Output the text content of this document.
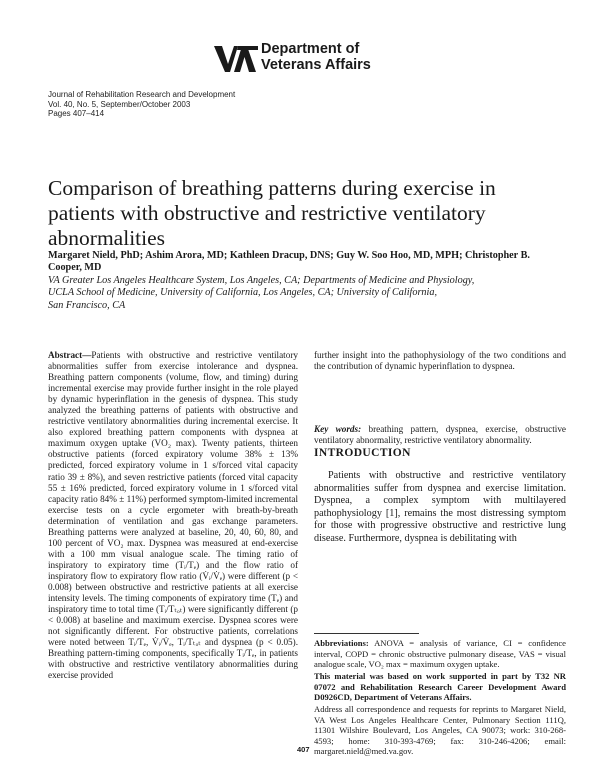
Department of
Veterans Affairs
Journal of Rehabilitation Research and Development
Vol. 40, No. 5, September/October 2003
Pages 407–414
Comparison of breathing patterns during exercise in patients with obstructive and restrictive ventilatory abnormalities
Margaret Nield, PhD; Ashim Arora, MD; Kathleen Dracup, DNS; Guy W. Soo Hoo, MD, MPH; Christopher B. Cooper, MD
VA Greater Los Angeles Healthcare System, Los Angeles, CA; Departments of Medicine and Physiology,
UCLA School of Medicine, University of California, Los Angeles, CA; University of California,
San Francisco, CA
Abstract—Patients with obstructive and restrictive ventilatory abnormalities suffer from exercise intolerance and dyspnea. Breathing pattern components (volume, flow, and timing) during incremental exercise may provide further insight in the role played by dynamic hyperinflation in the genesis of dyspnea. This study analyzed the breathing patterns of patients with obstructive and restrictive ventilatory abnormalities during incremental exercise. It also explored breathing pattern components with dyspnea at maximum oxygen uptake (VO₂ max). Twenty patients, thirteen obstructive patients (forced expiratory volume 38% ± 13% predicted, forced expiratory volume in 1 s/forced vital capacity ratio 39 ± 8%), and seven restrictive patients (forced vital capacity 55 ± 16% predicted, forced expiratory volume in 1 s/forced vital capacity ratio 84% ± 11%) performed symptom-limited incremental exercise tests on a cycle ergometer with breath-by-breath determination of ventilation and gas exchange parameters. Breathing patterns were analyzed at baseline, 20, 40, 60, 80, and 100 percent of VO₂ max. Dyspnea was measured at end-exercise with a 100 mm visual analogue scale. The timing ratio of inspiratory to expiratory time (Tᵢ/Tₑ) and the flow ratio of inspiratory flow to expiratory flow ratio (V̇ᵢ/V̇ₑ) were different (p < 0.008) between obstructive and restrictive patients at all exercise intensity levels. The timing components of expiratory time (Tₑ) and inspiratory time to total time (Tᵢ/Tₜₒₜ) were significantly different (p < 0.008) at baseline and maximum exercise. Dyspnea scores were not significantly different. For obstructive patients, correlations were noted between Tᵢ/Tₑ, V̇ᵢ/V̇ₑ, Tᵢ/Tₜₒₜ and dyspnea (p < 0.05). Breathing pattern-timing components, specifically Tᵢ/Tₑ, in patients with obstructive and restrictive ventilatory abnormalities during exercise provided
further insight into the pathophysiology of the two conditions and the contribution of dynamic hyperinflation to dyspnea.
Key words: breathing pattern, dyspnea, exercise, obstructive ventilatory abnormality, restrictive ventilatory abnormality.
INTRODUCTION

Patients with obstructive and restrictive ventilatory abnormalities suffer from dyspnea and exercise limitation. Dyspnea, a complex symptom with multilayered pathophysiology [1], remains the most distressing symptom for those with progressive obstructive and restrictive lung disease. Furthermore, dyspnea is debilitating with

Abbreviations: ANOVA = analysis of variance, CI = confidence interval, COPD = chronic obstructive pulmonary disease, VAS = visual analogue scale, VO₂ max = maximum oxygen uptake.

This material was based on work supported in part by T32 NR 07072 and Rehabilitation Research Career Development Award D0926CD, Department of Veterans Affairs.

Address all correspondence and requests for reprints to Margaret Nield, VA West Los Angeles Healthcare Center, Pulmonary Section 111Q, 11301 Wilshire Boulevard, Los Angeles, CA 90073; work: 310-268-4593; home: 310-393-4769; fax: 310-246-4206; email: margaret.nield@med.va.gov.

407
